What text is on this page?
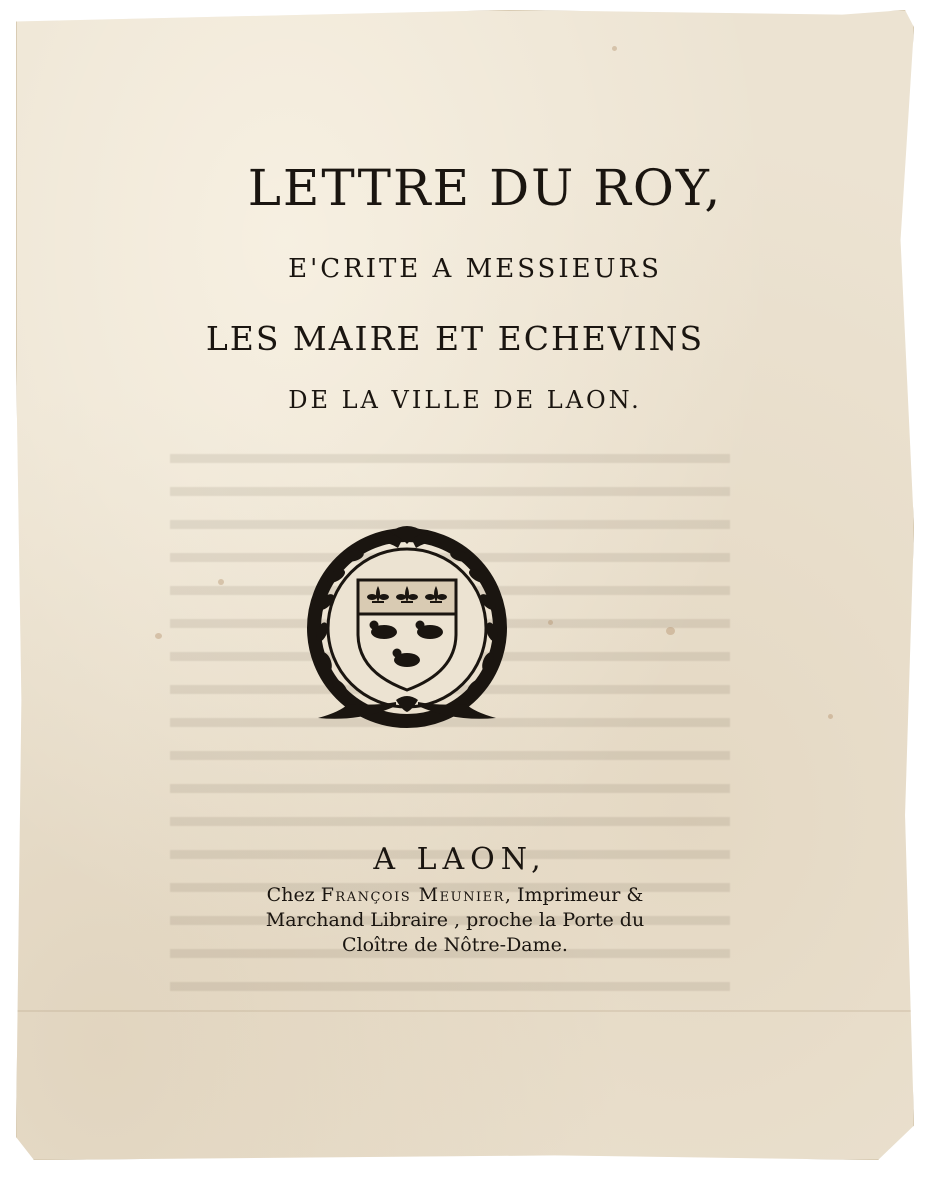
LETTRE DU ROY,
E'CRITE A MESSIEURS
LES MAIRE ET ECHEVINS
DE LA VILLE DE LAON.
A LAON,
Chez François Meunier, Imprimeur &
Marchand Libraire , proche la Porte du
Cloître de Nôtre-Dame.
